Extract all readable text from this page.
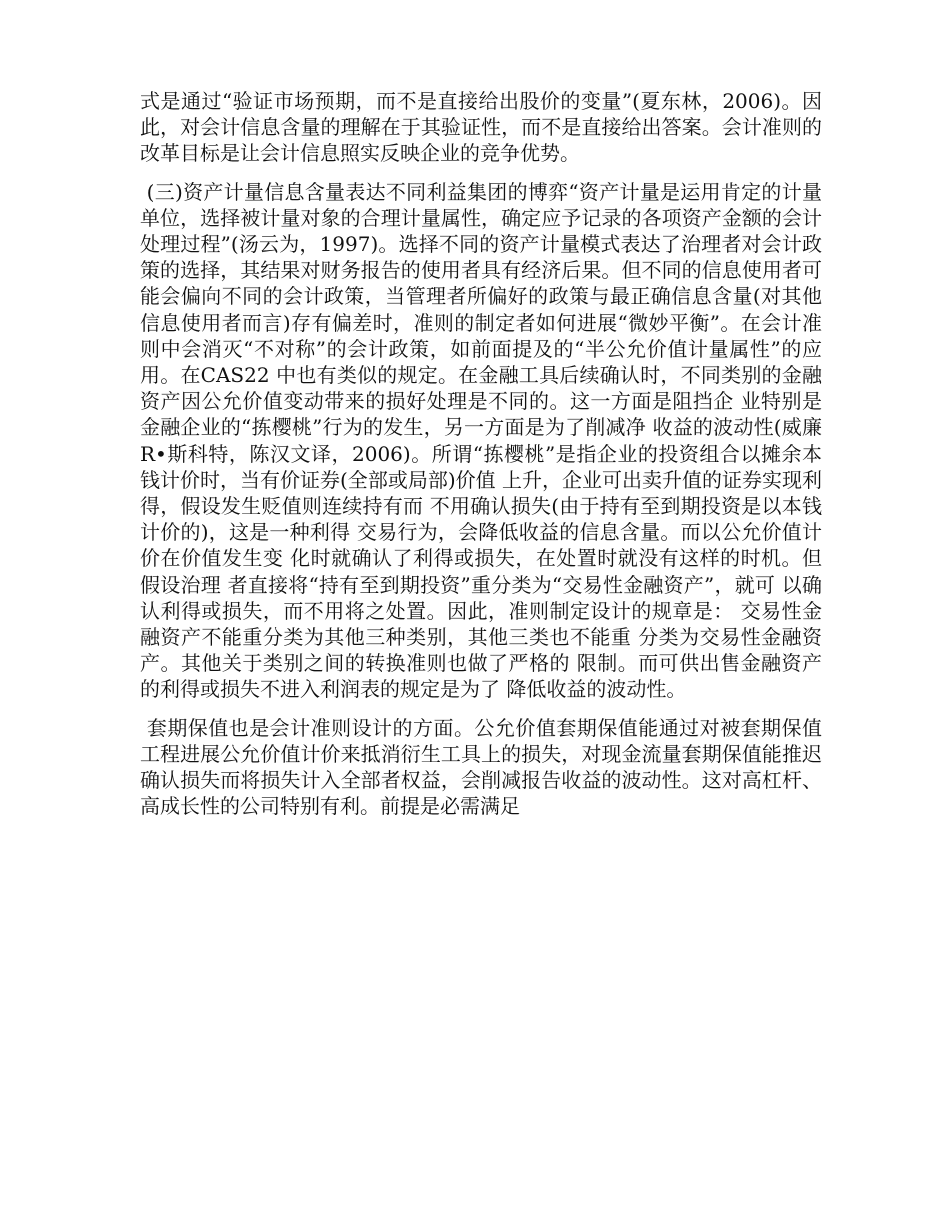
式是通过“验证市场预期，而不是直接给出股价的变量”(夏东林，2006)。因此，对会计信息含量的理解在于其验证性，而不是直接给出答案。会计准则的改革目标是让会计信息照实反映企业的竞争优势。

(三)资产计量信息含量表达不同利益集团的博弈“资产计量是运用肯定的计量单位，选择被计量对象的合理计量属性，确定应予记录的各项资产金额的会计处理过程”(汤云为，1997)。选择不同的资产计量模式表达了治理者对会计政策的选择，其结果对财务报告的使用者具有经济后果。但不同的信息使用者可能会偏向不同的会计政策，当管理者所偏好的政策与最正确信息含量(对其他信息使用者而言)存有偏差时，准则的制定者如何进展“微妙平衡”。在会计准则中会消灭“不对称”的会计政策，如前面提及的“半公允价值计量属性”的应用。在CAS22 中也有类似的规定。在金融工具后续确认时，不同类别的金融资产因公允价值变动带来的损好处理是不同的。这一方面是阻挡企 业特别是金融企业的“拣樱桃”行为的发生，另一方面是为了削减净 收益的波动性(威廉 R•斯科特，陈汉文译，2006)。所谓“拣樱桃”是指企业的投资组合以摊余本钱计价时，当有价证券(全部或局部)价值 上升，企业可出卖升值的证券实现利得，假设发生贬值则连续持有而 不用确认损失(由于持有至到期投资是以本钱计价的)，这是一种利得 交易行为，会降低收益的信息含量。而以公允价值计价在价值发生变 化时就确认了利得或损失，在处置时就没有这样的时机。但假设治理 者直接将“持有至到期投资”重分类为“交易性金融资产”，就可 以确认利得或损失，而不用将之处置。因此，准则制定设计的规章是： 交易性金融资产不能重分类为其他三种类别，其他三类也不能重 分类为交易性金融资产。其他关于类别之间的转换准则也做了严格的 限制。而可供出售金融资产的利得或损失不进入利润表的规定是为了 降低收益的波动性。

套期保值也是会计准则设计的方面。公允价值套期保值能通过对被套期保值工程进展公允价值计价来抵消衍生工具上的损失，对现金流量套期保值能推迟确认损失而将损失计入全部者权益，会削减报告收益的波动性。这对高杠杆、高成长性的公司特别有利。前提是必需满足
